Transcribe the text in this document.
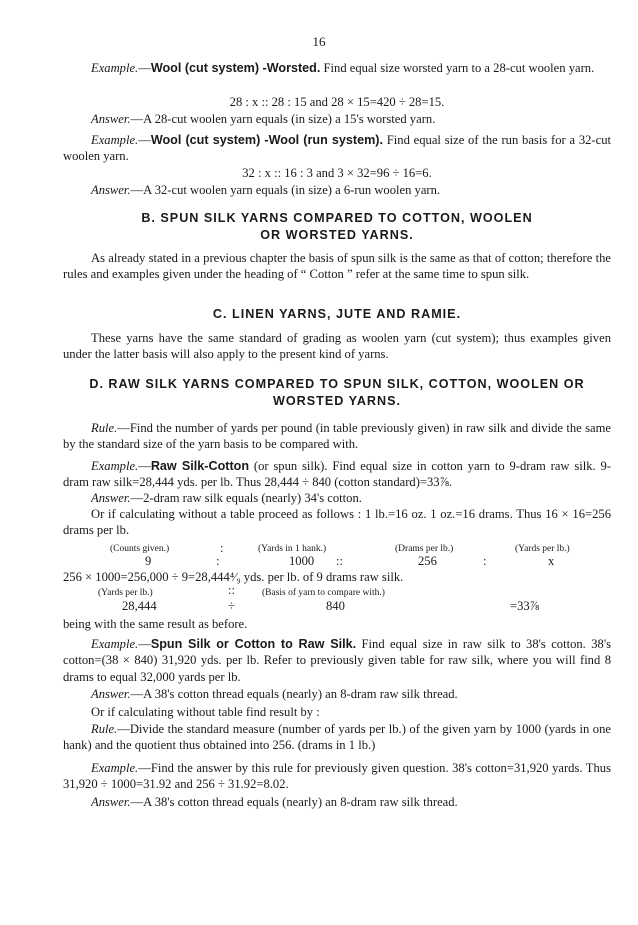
16
Example.—Wool (cut system) -Worsted. Find equal size worsted yarn to a 28-cut woolen yarn.
28 : x :: 28 : 15 and 28 × 15=420 ÷ 28=15.
Answer.—A 28-cut woolen yarn equals (in size) a 15's worsted yarn.
Example.—Wool (cut system) -Wool (run system). Find equal size of the run basis for a 32-cut woolen yarn.
32 : x :: 16 : 3 and 3 × 32=96 ÷ 16=6.
Answer.—A 32-cut woolen yarn equals (in size) a 6-run woolen yarn.
B. SPUN SILK YARNS COMPARED TO COTTON, WOOLEN
OR WORSTED YARNS.
As already stated in a previous chapter the basis of spun silk is the same as that of cotton; therefore the rules and examples given under the heading of “ Cotton ” refer at the same time to spun silk.
C. LINEN YARNS, JUTE AND RAMIE.
These yarns have the same standard of grading as woolen yarn (cut system); thus examples given under the latter basis will also apply to the present kind of yarns.
D. RAW SILK YARNS COMPARED TO SPUN SILK, COTTON, WOOLEN OR
WORSTED YARNS.
Rule.—Find the number of yards per pound (in table previously given) in raw silk and divide the same by the standard size of the yarn basis to be compared with.
Example.—Raw Silk-Cotton (or spun silk). Find equal size in cotton yarn to 9-dram raw silk. 9-dram raw silk=28,444 yds. per lb. Thus 28,444 ÷ 840 (cotton standard)=33⅞.
Answer.—2-dram raw silk equals (nearly) 34's cotton.
Or if calculating without a table proceed as follows : 1 lb.=16 oz. 1 oz.=16 drams. Thus 16 × 16=256 drams per lb.
(Counts given.)	:	(Yards in 1 hank.)	(Drams per lb.)	(Yards per lb.)
9	:	1000 ::	256	:	x
256 × 1000=256,000 ÷ 9=28,444⁴⁄₉ yds. per lb. of 9 drams raw silk.
(Yards per lb.)	::	(Basis of yarn to compare with.)
28,444	÷	840	=33⅞
being with the same result as before.
Example.—Spun Silk or Cotton to Raw Silk. Find equal size in raw silk to 38's cotton. 38's cotton=(38 × 840) 31,920 yds. per lb. Refer to previously given table for raw silk, where you will find 8 drams to equal 32,000 yards per lb.
Answer.—A 38's cotton thread equals (nearly) an 8-dram raw silk thread.
Or if calculating without table find result by :
Rule.—Divide the standard measure (number of yards per lb.) of the given yarn by 1000 (yards in one hank) and the quotient thus obtained into 256. (drams in 1 lb.)
Example.—Find the answer by this rule for previously given question. 38's cotton=31,920 yards. Thus 31,920 ÷ 1000=31.92 and 256 ÷ 31.92=8.02.
Answer.—A 38's cotton thread equals (nearly) an 8-dram raw silk thread.
